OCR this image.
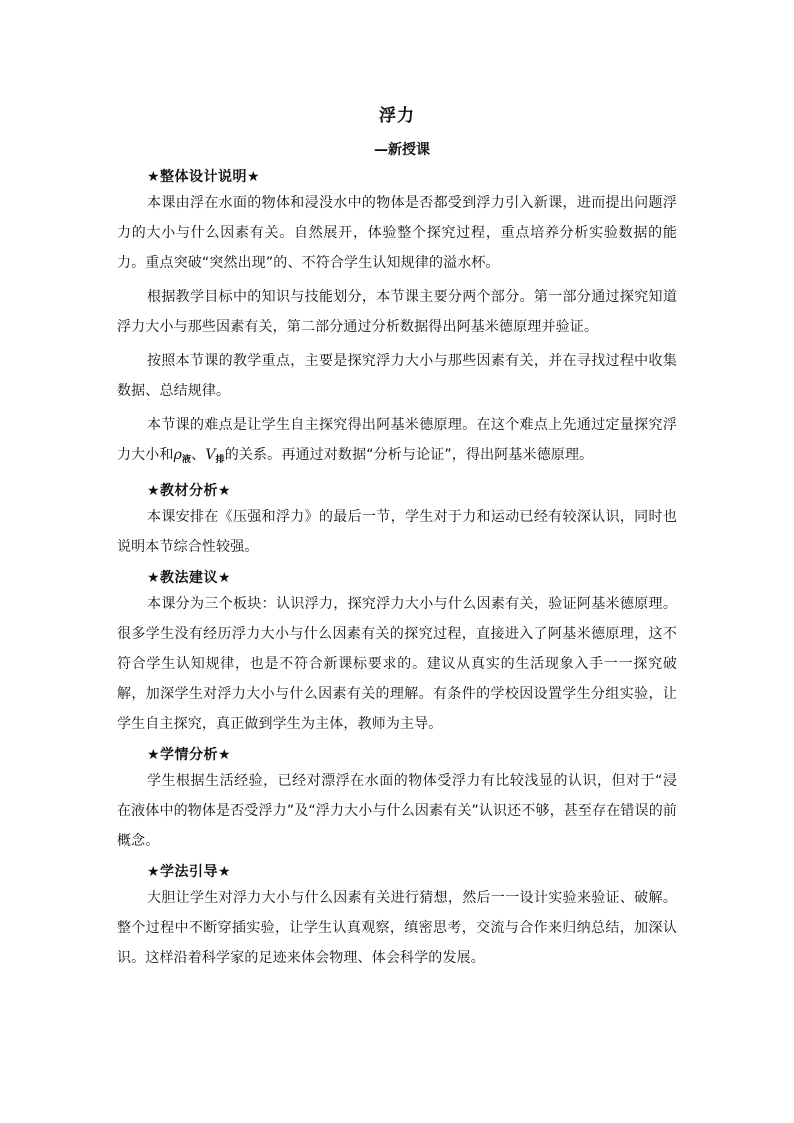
浮力
—新授课
★整体设计说明★

本课由浮在水面的物体和浸没水中的物体是否都受到浮力引入新课，进而提出问题浮力的大小与什么因素有关。自然展开，体验整个探究过程，重点培养分析实验数据的能力。重点突破“突然出现”的、不符合学生认知规律的溢水杯。

根据教学目标中的知识与技能划分，本节课主要分两个部分。第一部分通过探究知道浮力大小与那些因素有关，第二部分通过分析数据得出阿基米德原理并验证。

按照本节课的教学重点，主要是探究浮力大小与那些因素有关，并在寻找过程中收集数据、总结规律。

本节课的难点是让学生自主探究得出阿基米德原理。在这个难点上先通过定量探究浮力大小和$\rho_液$、$V_排$的关系。再通过对数据“分析与论证”，得出阿基米德原理。

★教材分析★

本课安排在《压强和浮力》的最后一节，学生对于力和运动已经有较深认识，同时也说明本节综合性较强。

★教法建议★

本课分为三个板块：认识浮力，探究浮力大小与什么因素有关，验证阿基米德原理。很多学生没有经历浮力大小与什么因素有关的探究过程，直接进入了阿基米德原理，这不符合学生认知规律，也是不符合新课标要求的。建议从真实的生活现象入手一一探究破解，加深学生对浮力大小与什么因素有关的理解。有条件的学校因设置学生分组实验，让学生自主探究，真正做到学生为主体，教师为主导。

★学情分析★

学生根据生活经验，已经对漂浮在水面的物体受浮力有比较浅显的认识，但对于“浸在液体中的物体是否受浮力”及“浮力大小与什么因素有关”认识还不够，甚至存在错误的前概念。

★学法引导★

大胆让学生对浮力大小与什么因素有关进行猜想，然后一一设计实验来验证、破解。整个过程中不断穿插实验，让学生认真观察，缜密思考，交流与合作来归纳总结，加深认识。这样沿着科学家的足迹来体会物理、体会科学的发展。
